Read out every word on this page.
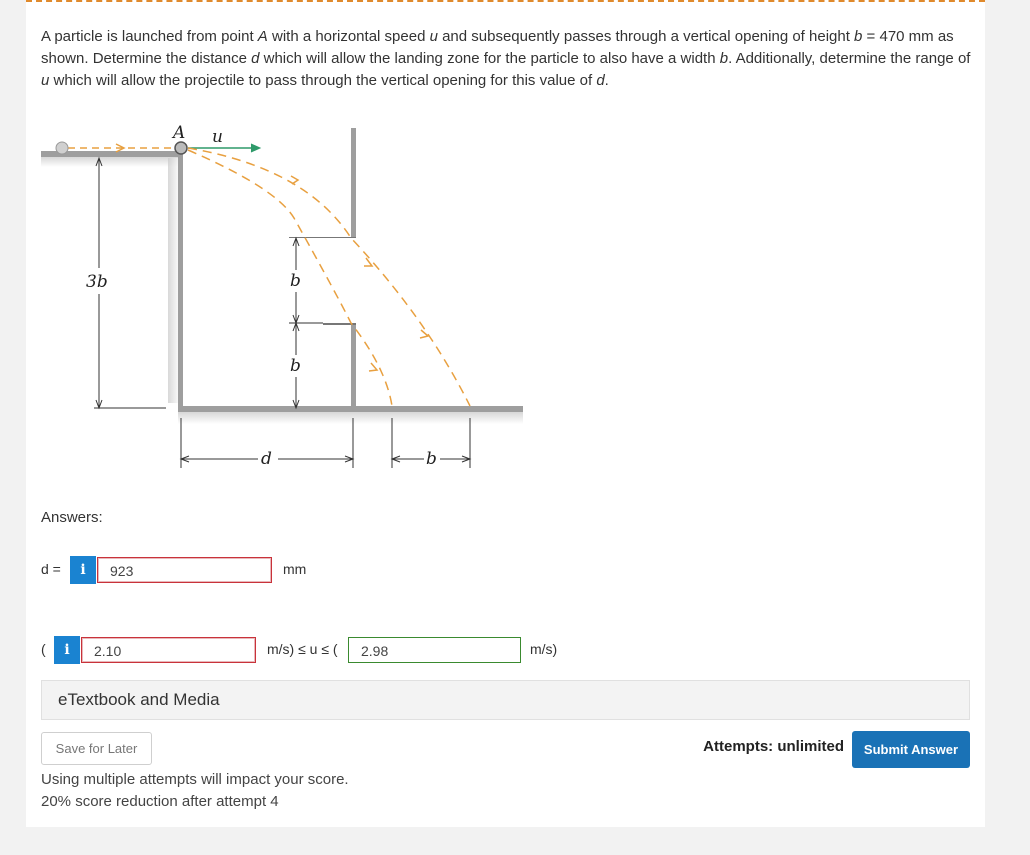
A particle is launched from point A with a horizontal speed u and subsequently passes through a vertical opening of height b = 470 mm as shown. Determine the distance d which will allow the landing zone for the particle to also have a width b. Additionally, determine the range of u which will allow the projectile to pass through the vertical opening for this value of d.
3b	b
b
d	b
A u
Answers:
d =	i	923	mm
(	i	2.10	m/s) ≤ u ≤ (	2.98	m/s)
eTextbook and Media
Save for Later	Attempts: unlimited	Submit Answer
Using multiple attempts will impact your score.
20% score reduction after attempt 4
